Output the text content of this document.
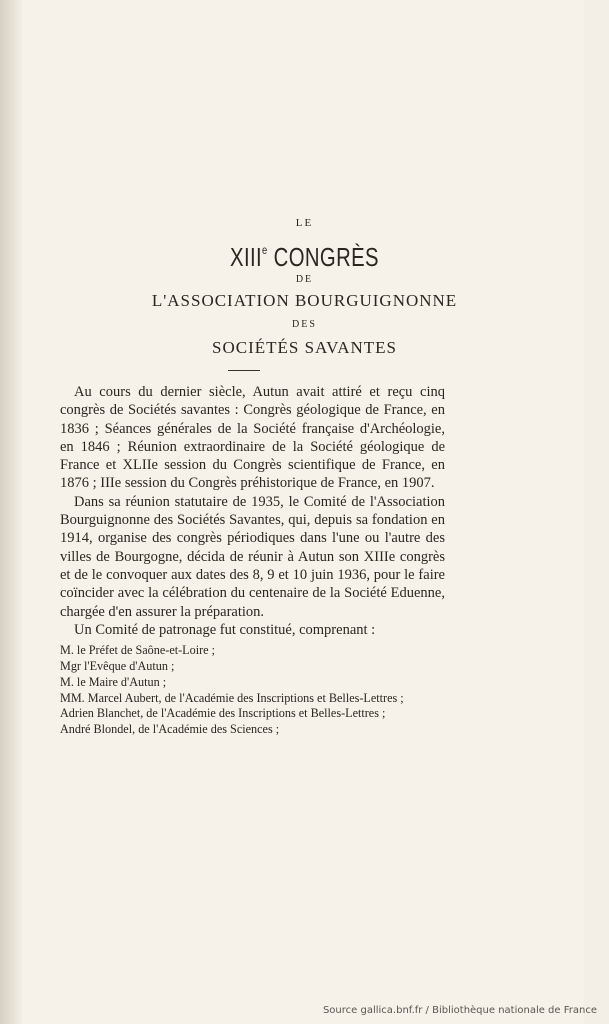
LE
XIIIe CONGRÈS
DE
L'ASSOCIATION BOURGUIGNONNE
DES
SOCIÉTÉS SAVANTES

Au cours du dernier siècle, Autun avait attiré et reçu cinq congrès de Sociétés savantes : Congrès géologique de France, en 1836 ; Séances générales de la Société française d'Archéologie, en 1846 ; Réunion extraordinaire de la Société géologique de France et XLIIe session du Congrès scientifique de France, en 1876 ; IIIe session du Congrès préhistorique de France, en 1907.

Dans sa réunion statutaire de 1935, le Comité de l'Association Bourguignonne des Sociétés Savantes, qui, depuis sa fondation en 1914, organise des congrès périodiques dans l'une ou l'autre des villes de Bourgogne, décida de réunir à Autun son XIIIe congrès et de le convoquer aux dates des 8, 9 et 10 juin 1936, pour le faire coïncider avec la célébration du centenaire de la Société Eduenne, chargée d'en assurer la préparation.

Un Comité de patronage fut constitué, comprenant :

M. le Préfet de Saône-et-Loire ;
Mgr l'Evêque d'Autun ;
M. le Maire d'Autun ;
MM. Marcel Aubert, de l'Académie des Inscriptions et Belles-Lettres ;
Adrien Blanchet, de l'Académie des Inscriptions et Belles-Lettres ;
André Blondel, de l'Académie des Sciences ;
Source gallica.bnf.fr / Bibliothèque nationale de France
